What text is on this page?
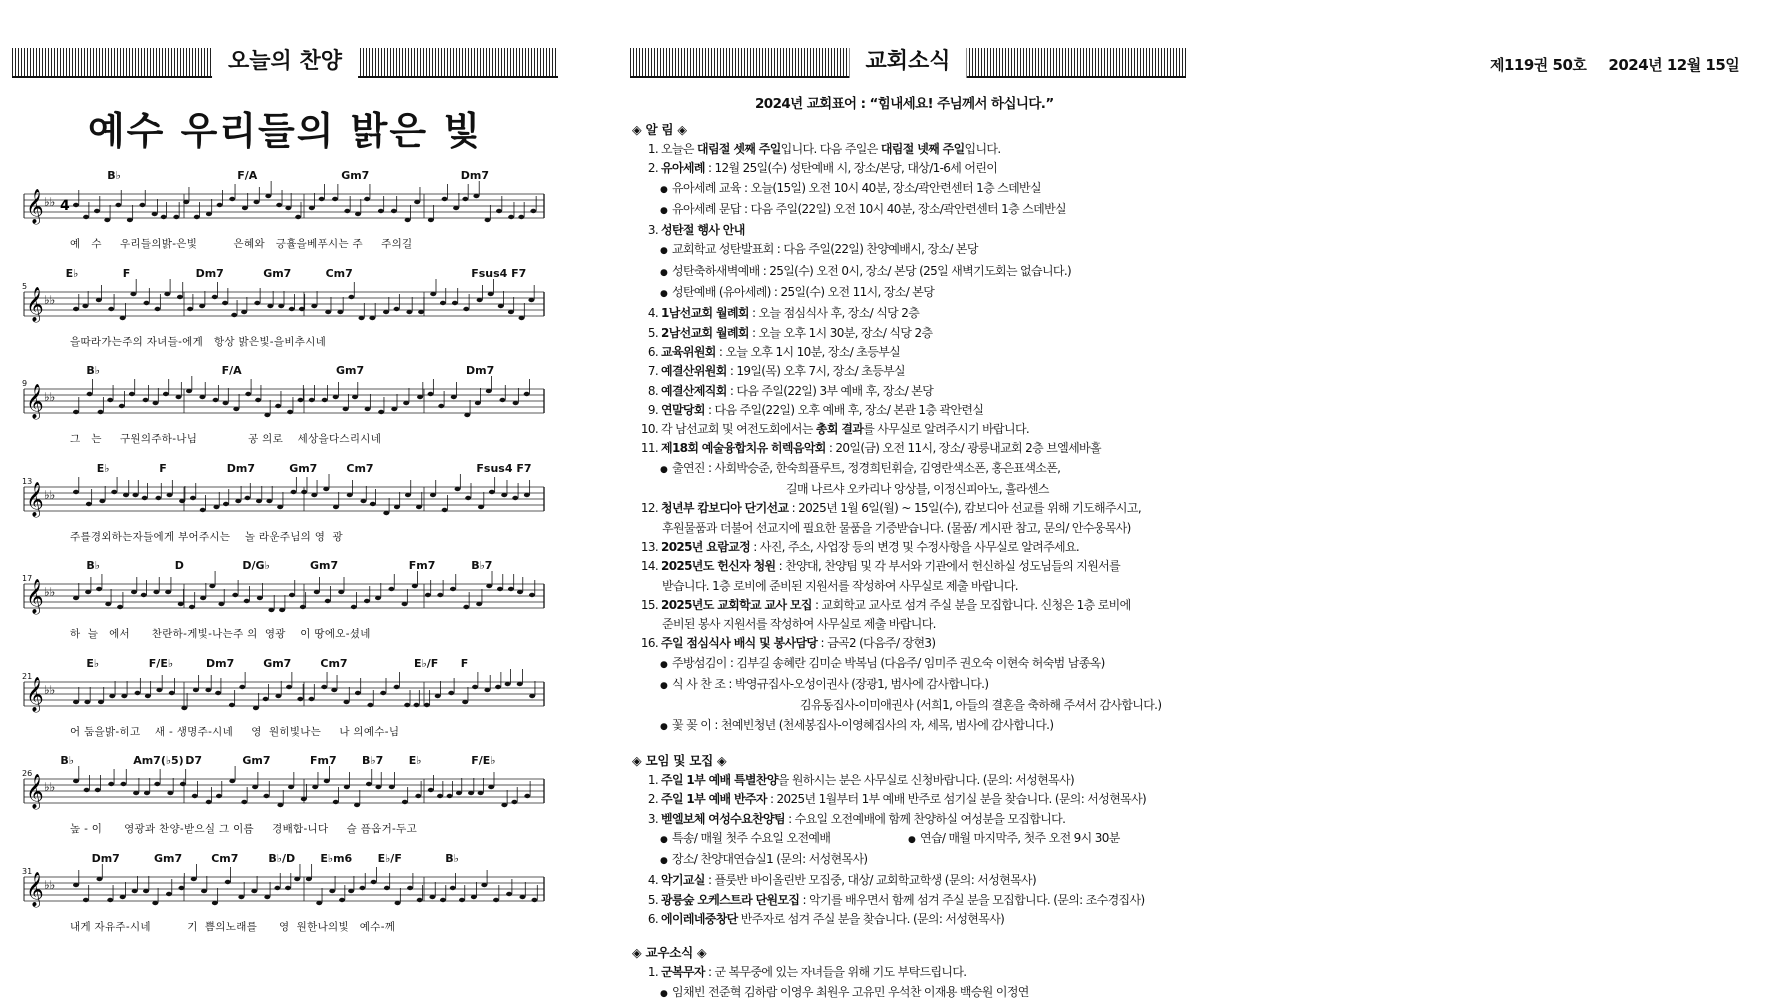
오늘의 찬양	교회소식	제119권 50호 2024년 12월 15일
예수 우리들의 밝은 빛
B♭	F/A	Gm7	Dm7
𝄞 ♭♭ 4
예   수     우리들의밝-은빛          은혜와   긍휼을베푸시는 주     주의길
E♭	F	Dm7	Gm7	Cm7	Fsus4 F7
5
𝄞 ♭♭
을따라가는주의 자녀들-에게   항상 밝은빛-을비추시네
B♭	F/A	Gm7	Dm7
9
𝄞 ♭♭
그   는     구원의주하-나님              공 의로    세상을다스리시네
E♭	F	Dm7	Gm7	Cm7	Fsus4 F7
13
𝄞 ♭♭
주를경외하는자들에게 부어주시는    놀 라운주님의 영  광
B♭	D	D/G♭	Gm7	Fm7	B♭7
17
𝄞 ♭♭
하  늘   에서      찬란하-게빛-나는주 의  영광    이 땅에오-셨네
E♭	F/E♭	Dm7	Gm7	Cm7	E♭/F F
21
𝄞 ♭♭
어 둠을밝-히고    새 - 생명주-시네     영  원히빛나는     나 의예수-님
B♭	Am7(♭5) D7	Gm7	Fm7 B♭7 E♭	F/E♭
26
𝄞 ♭♭
높 - 이      영광과 찬양-받으실 그 이름     경배합-니다     슬 픔옵거-두고
Dm7	Gm7	Cm7	B♭/D E♭m6 E♭/F	B♭
31
𝄞 ♭♭
내게 자유주-시네          기  쁨의노래를      영  원한나의빛   예수-께
2024년 교회표어 : “힘내세요! 주님께서 하십니다.”
◈ 알 림 ◈
1. 오늘은 대림절 셋째 주일입니다. 다음 주일은 대림절 넷째 주일입니다.
2. 유아세례 : 12월 25일(수) 성탄예배 시, 장소/본당, 대상/1-6세 어린이
● 유아세례 교육 : 오늘(15일) 오전 10시 40분, 장소/곽안련센터 1층 스데반실
● 유아세례 문답 : 다음 주일(22일) 오전 10시 40분, 장소/곽안련센터 1층 스데반실
3. 성탄절 행사 안내
● 교회학교 성탄발표회 : 다음 주일(22일) 찬양예배시, 장소/ 본당
● 성탄축하새벽예배 : 25일(수) 오전 0시, 장소/ 본당 (25일 새벽기도회는 없습니다.)
● 성탄예배 (유아세례) : 25일(수) 오전 11시, 장소/ 본당
4. 1남선교회 월례회 : 오늘 점심식사 후, 장소/ 식당 2층
5. 2남선교회 월례회 : 오늘 오후 1시 30분, 장소/ 식당 2층
6. 교육위원회 : 오늘 오후 1시 10분, 장소/ 초등부실
7. 예결산위원회 : 19일(목) 오후 7시, 장소/ 초등부실
8. 예결산제직회 : 다음 주일(22일) 3부 예배 후, 장소/ 본당
9. 연말당회 : 다음 주일(22일) 오후 예배 후, 장소/ 본관 1층 곽안련실
10. 각 남선교회 및 여전도회에서는 총회 결과를 사무실로 알려주시기 바랍니다.
11. 제18회 예술융합치유 히렉음악회 : 20일(금) 오전 11시, 장소/ 광릉내교회 2층 브엘세바홀
● 출연진 : 사회박승준, 한숙희플루트, 정경희틴휘슬, 김영란색소폰, 홍은표색소폰,
길매 나르샤 오카리나 앙상블, 이정신피아노, 훌라센스
12. 청년부 캄보디아 단기선교 : 2025년 1월 6일(월) ~ 15일(수), 캄보디아 선교를 위해 기도해주시고,
후원물품과 더불어 선교지에 필요한 물품을 기증받습니다. (물품/ 게시판 참고, 문의/ 안수웅목사)
13. 2025년 요람교정 : 사진, 주소, 사업장 등의 변경 및 수정사항을 사무실로 알려주세요.
14. 2025년도 헌신자 청원 : 찬양대, 찬양팀 및 각 부서와 기관에서 헌신하실 성도님들의 지원서를
받습니다. 1층 로비에 준비된 지원서를 작성하여 사무실로 제출 바랍니다.
15. 2025년도 교회학교 교사 모집 : 교회학교 교사로 섬겨 주실 분을 모집합니다. 신청은 1층 로비에
준비된 봉사 지원서를 작성하여 사무실로 제출 바랍니다.
16. 주일 점심식사 배식 및 봉사담당 : 금곡2 (다음주/ 장현3)
● 주방섬김이 : 김부길 송혜란 김미순 박복님 (다음주/ 임미주 권오숙 이현숙 허숙범 남종옥)
● 식 사 찬 조 : 박영규집사-오성이권사 (장광1, 범사에 감사합니다.)
김유동집사-이미애권사 (서희1, 아들의 결혼을 축하해 주셔서 감사합니다.)
● 꽃 꽂 이 : 천예빈청년 (천세봉집사-이영혜집사의 자, 세목, 범사에 감사합니다.)
◈ 모임 및 모집 ◈
1. 주일 1부 예배 특별찬양을 원하시는 분은 사무실로 신청바랍니다. (문의: 서성현목사)
2. 주일 1부 예배 반주자 : 2025년 1월부터 1부 예배 반주로 섬기실 분을 찾습니다. (문의: 서성현목사)
3. 벧엘보체 여성수요찬양팀 : 수요일 오전예배에 함께 찬양하실 여성분을 모집합니다.
● 특송/ 매월 첫주 수요일 오전예배	● 연습/ 매월 마지막주, 첫주 오전 9시 30분
● 장소/ 찬양대연습실1 (문의: 서성현목사)
4. 악기교실 : 플룻반 바이올린반 모집중, 대상/ 교회학교학생 (문의: 서성현목사)
5. 광릉숲 오케스트라 단원모집 : 악기를 배우면서 함께 섬겨 주실 분을 모집합니다. (문의: 조수경집사)
6. 에이레네중창단 반주자로 섬겨 주실 분을 찾습니다. (문의: 서성현목사)
◈ 교우소식 ◈
1. 군복무자 : 군 복무중에 있는 자녀들을 위해 기도 부탁드립니다.
● 임채빈 전준혁 김하람 이영우 최원우 고유민 우석찬 이재용 백승원 이정연
